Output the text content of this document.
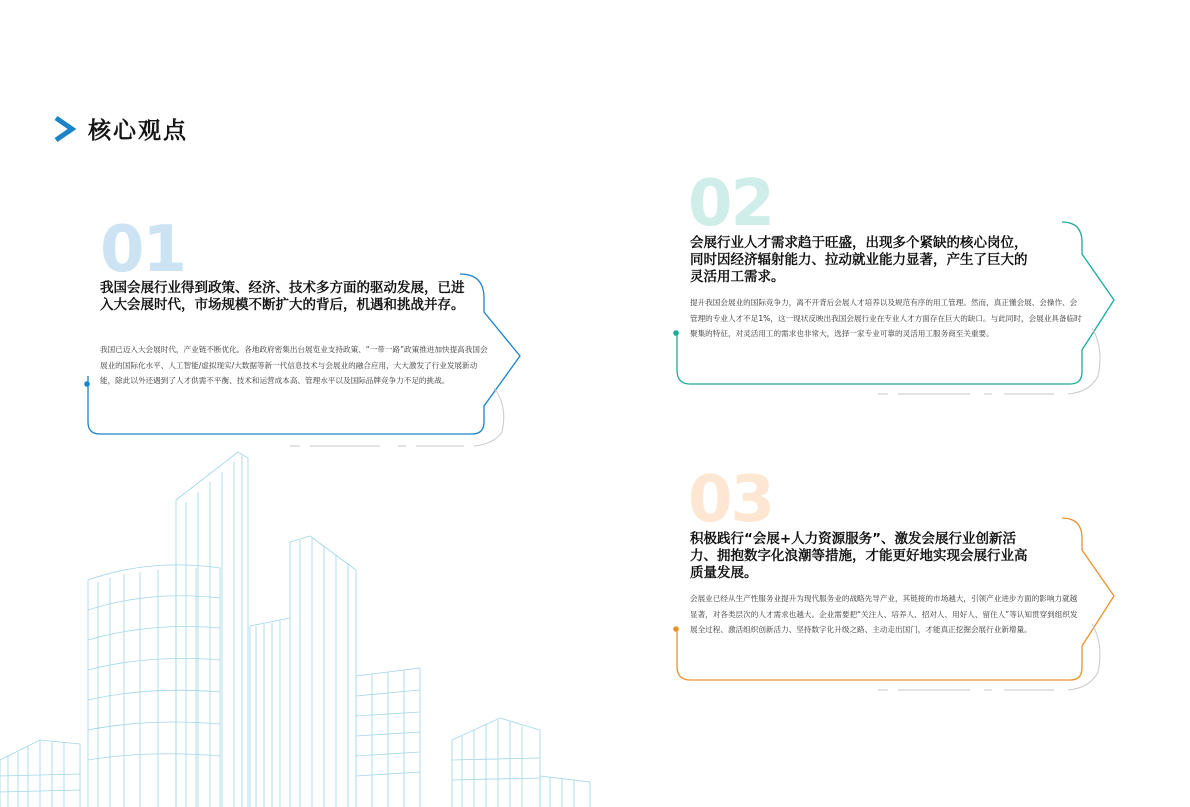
核心观点
01
我国会展行业得到政策、经济、技术多方面的驱动发展，已进入大会展时代，市场规模不断扩大的背后，机遇和挑战并存。
我国已迈入大会展时代，产业链不断优化。各地政府密集出台展览业支持政策、“一带一路”政策推进加快提高我国会展业的国际化水平、人工智能/虚拟现实/大数据等新一代信息技术与会展业的融合应用，大大激发了行业发展新动能，除此以外还遇到了人才供需不平衡、技术和运营成本高、管理水平以及国际品牌竞争力不足的挑战。
02
会展行业人才需求趋于旺盛，出现多个紧缺的核心岗位，同时因经济辐射能力、拉动就业能力显著，产生了巨大的灵活用工需求。
提升我国会展业的国际竞争力，离不开背后会展人才培养以及规范有序的用工管理。然而，真正懂会展、会操作、会管理的专业人才不足1%，这一现状反映出我国会展行业在专业人才方面存在巨大的缺口。与此同时，会展业具备临时聚集的特征，对灵活用工的需求也非常大，选择一家专业可靠的灵活用工服务商至关重要。
03
积极践行“会展+人力资源服务”、激发会展行业创新活力、拥抱数字化浪潮等措施，才能更好地实现会展行业高质量发展。
会展业已经从生产性服务业提升为现代服务业的战略先导产业，其链接的市场越大，引领产业进步方面的影响力就越显著，对各类层次的人才需求也越大。企业需要把“关注人、培养人、招对人、用好人、留住人”等认知贯穿到组织发展全过程、激活组织创新活力、坚持数字化升级之路、主动走出国门，才能真正挖掘会展行业新增量。
